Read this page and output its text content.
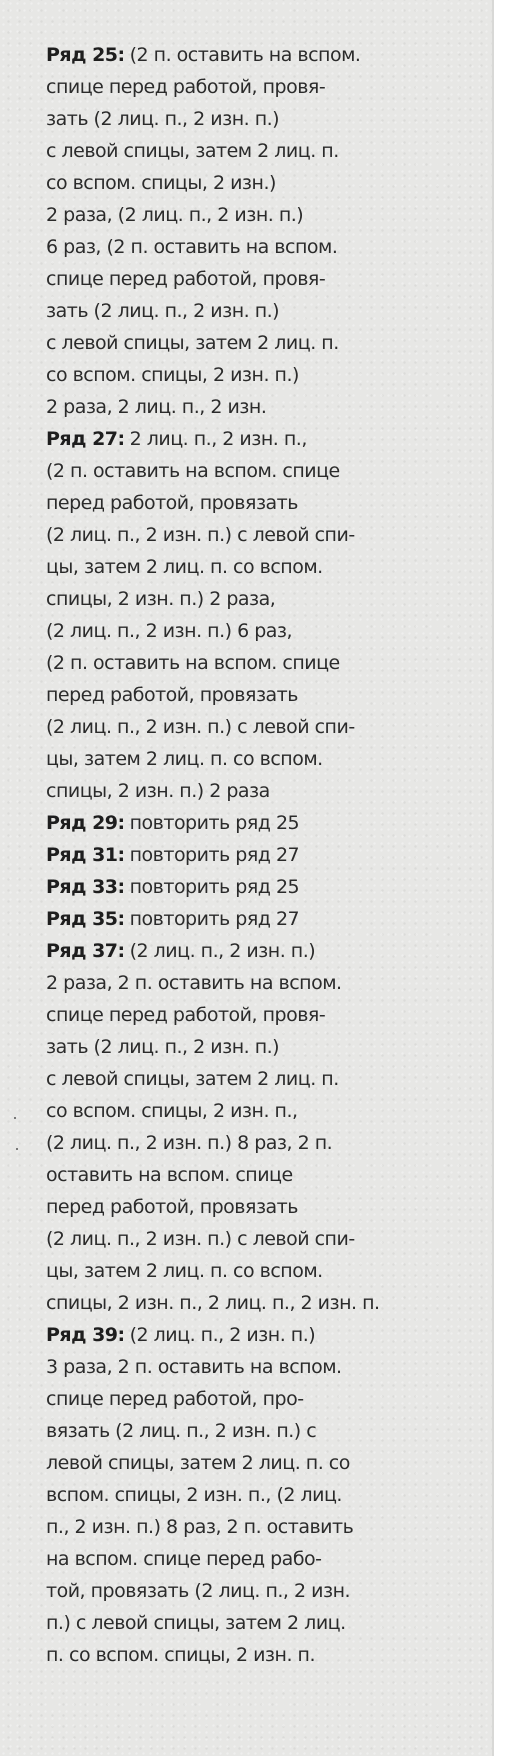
Ряд 25: (2 п. оставить на вспом.

спице перед работой, провя-

зать (2 лиц. п., 2 изн. п.)

с левой спицы, затем 2 лиц. п.

со вспом. спицы, 2 изн.)

2 раза, (2 лиц. п., 2 изн. п.)

6 раз, (2 п. оставить на вспом.

спице перед работой, провя-

зать (2 лиц. п., 2 изн. п.)

с левой спицы, затем 2 лиц. п.

со вспом. спицы, 2 изн. п.)

2 раза, 2 лиц. п., 2 изн.

Ряд 27: 2 лиц. п., 2 изн. п.,

(2 п. оставить на вспом. спице

перед работой, провязать

(2 лиц. п., 2 изн. п.) с левой спи-

цы, затем 2 лиц. п. со вспом.

спицы, 2 изн. п.) 2 раза,

(2 лиц. п., 2 изн. п.) 6 раз,

(2 п. оставить на вспом. спице

перед работой, провязать

(2 лиц. п., 2 изн. п.) с левой спи-

цы, затем 2 лиц. п. со вспом.

спицы, 2 изн. п.) 2 раза

Ряд 29: повторить ряд 25

Ряд 31: повторить ряд 27

Ряд 33: повторить ряд 25

Ряд 35: повторить ряд 27

Ряд 37: (2 лиц. п., 2 изн. п.)

2 раза, 2 п. оставить на вспом.

спице перед работой, провя-

зать (2 лиц. п., 2 изн. п.)

с левой спицы, затем 2 лиц. п.

со вспом. спицы, 2 изн. п.,

(2 лиц. п., 2 изн. п.) 8 раз, 2 п.

оставить на вспом. спице

перед работой, провязать

(2 лиц. п., 2 изн. п.) с левой спи-

цы, затем 2 лиц. п. со вспом.

спицы, 2 изн. п., 2 лиц. п., 2 изн. п.

Ряд 39: (2 лиц. п., 2 изн. п.)

3 раза, 2 п. оставить на вспом.

спице перед работой, про-

вязать (2 лиц. п., 2 изн. п.) с

левой спицы, затем 2 лиц. п. со

вспом. спицы, 2 изн. п., (2 лиц.

п., 2 изн. п.) 8 раз, 2 п. оставить

на вспом. спице перед рабо-

той, провязать (2 лиц. п., 2 изн.

п.) с левой спицы, затем 2 лиц.

п. со вспом. спицы, 2 изн. п.
